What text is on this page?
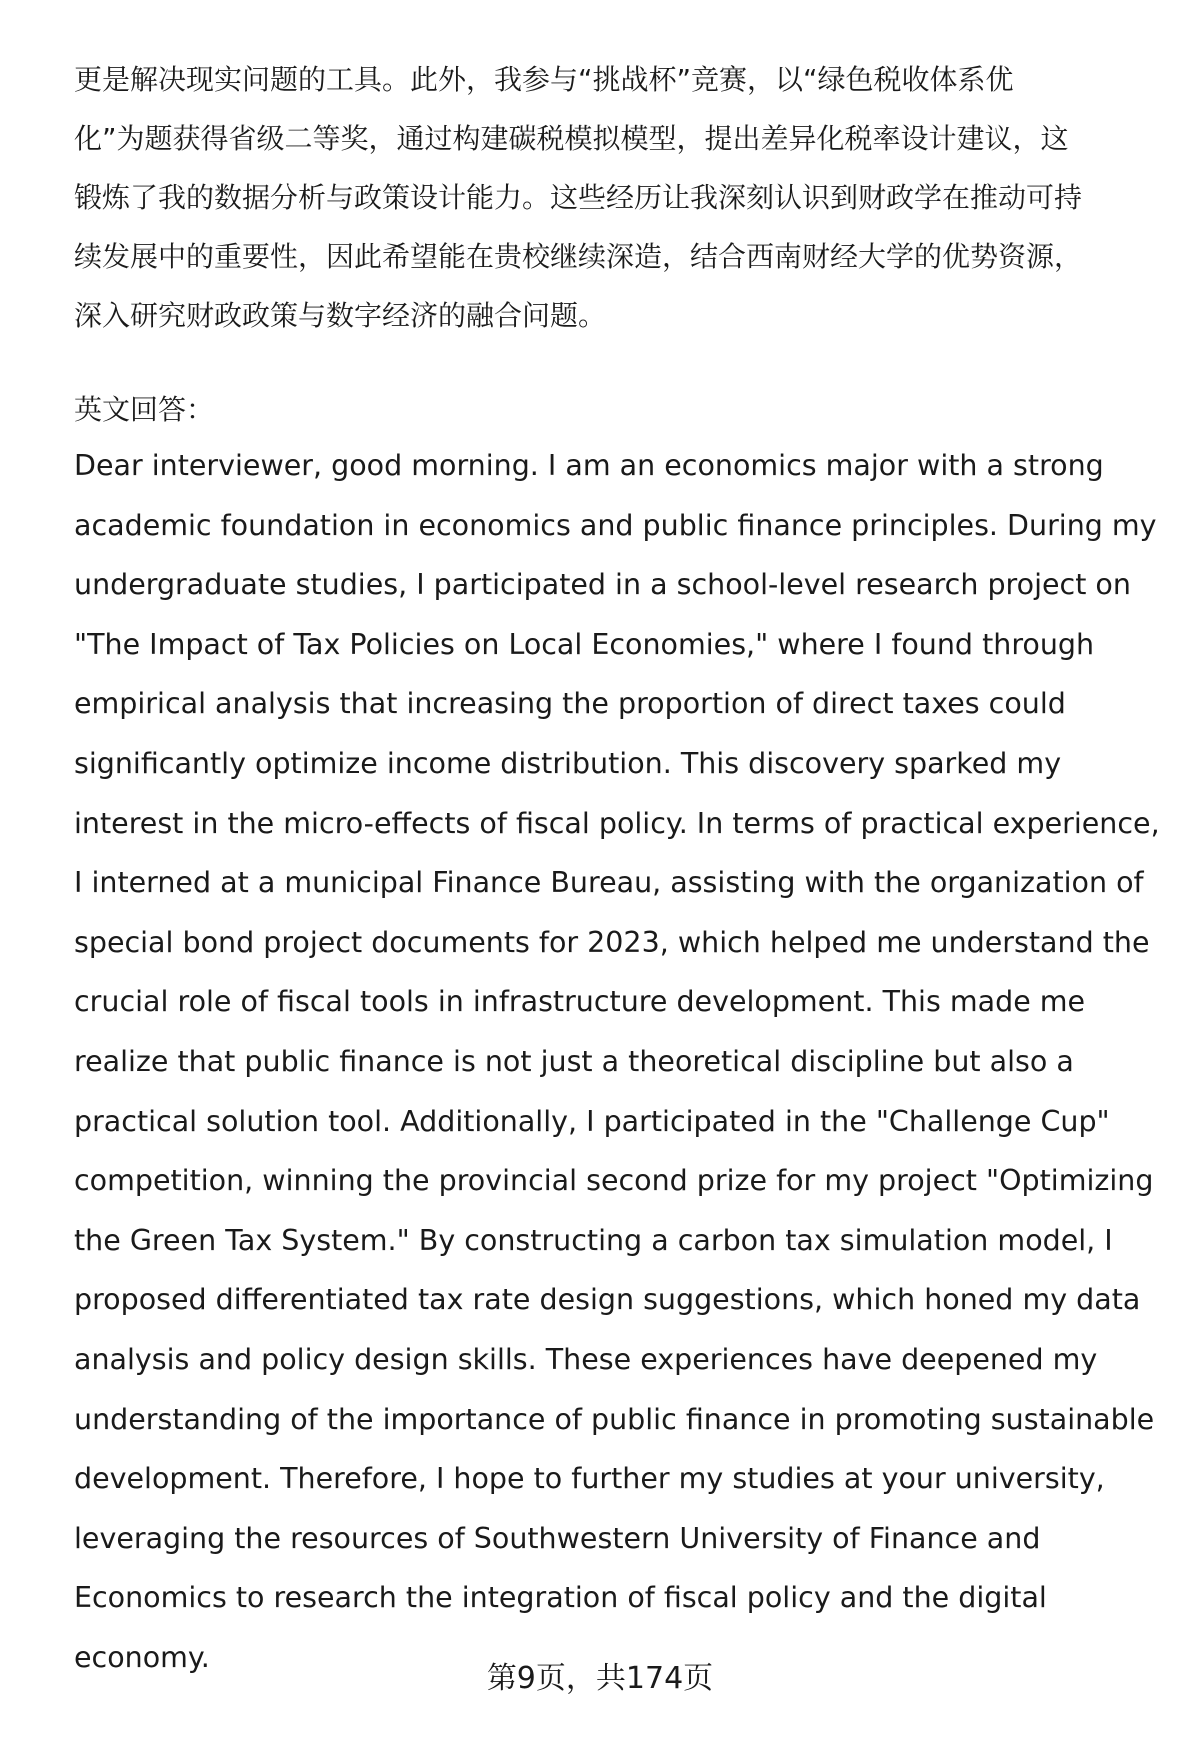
更是解决现实问题的工具。此外，我参与“挑战杯”竞赛，以“绿色税收体系优
化”为题获得省级二等奖，通过构建碳税模拟模型，提出差异化税率设计建议，这
锻炼了我的数据分析与政策设计能力。这些经历让我深刻认识到财政学在推动可持
续发展中的重要性，因此希望能在贵校继续深造，结合西南财经大学的优势资源，
深入研究财政政策与数字经济的融合问题。

英文回答：

Dear interviewer, good morning. I am an economics major with a strong
academic foundation in economics and public finance principles. During my
undergraduate studies, I participated in a school-level research project on
"The Impact of Tax Policies on Local Economies," where I found through
empirical analysis that increasing the proportion of direct taxes could
significantly optimize income distribution. This discovery sparked my
interest in the micro-effects of fiscal policy. In terms of practical experience,
I interned at a municipal Finance Bureau, assisting with the organization of
special bond project documents for 2023, which helped me understand the
crucial role of fiscal tools in infrastructure development. This made me
realize that public finance is not just a theoretical discipline but also a
practical solution tool. Additionally, I participated in the "Challenge Cup"
competition, winning the provincial second prize for my project "Optimizing
the Green Tax System." By constructing a carbon tax simulation model, I
proposed differentiated tax rate design suggestions, which honed my data
analysis and policy design skills. These experiences have deepened my
understanding of the importance of public finance in promoting sustainable
development. Therefore, I hope to further my studies at your university,
leveraging the resources of Southwestern University of Finance and
Economics to research the integration of fiscal policy and the digital
economy.

第9页，共174页
